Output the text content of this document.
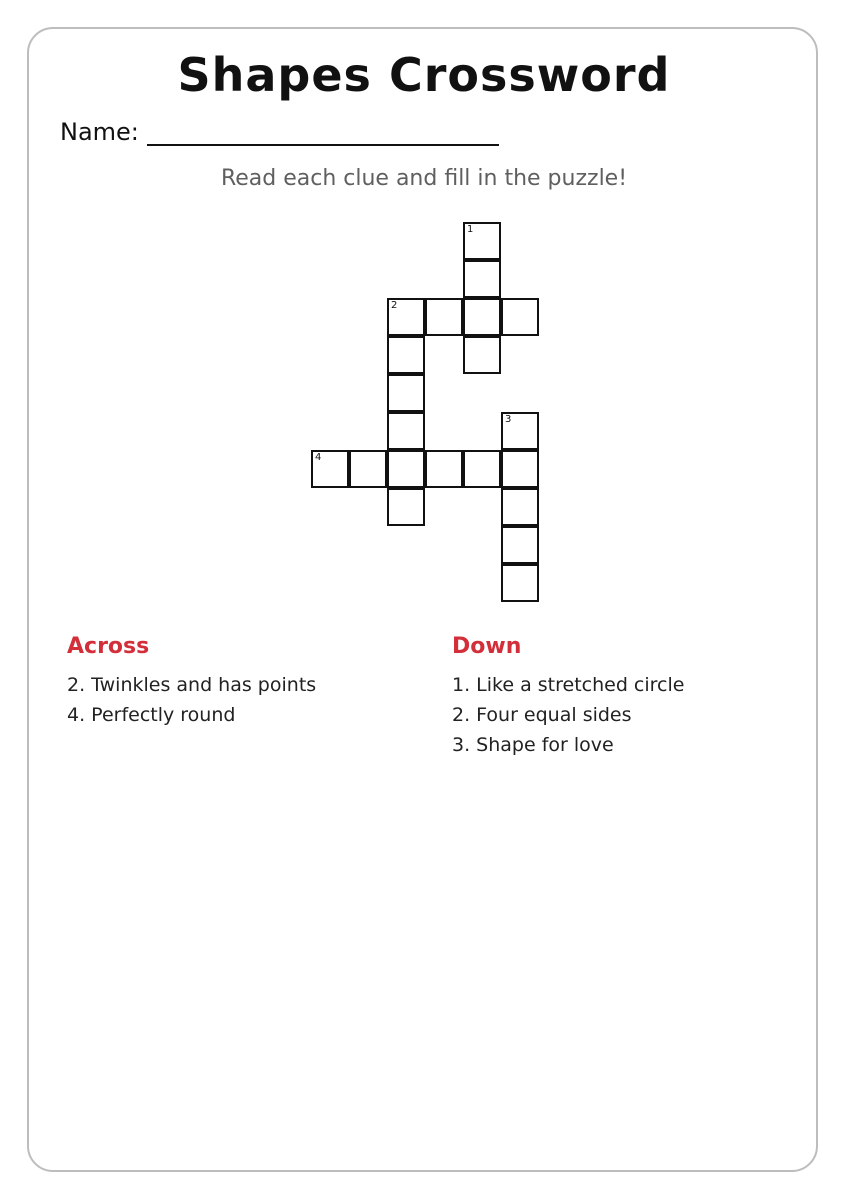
Shapes Crossword
Name:
Read each clue and fill in the puzzle!
1
2
3
4
Across
2. Twinkles and has points
4. Perfectly round
Down
1. Like a stretched circle
2. Four equal sides
3. Shape for love
